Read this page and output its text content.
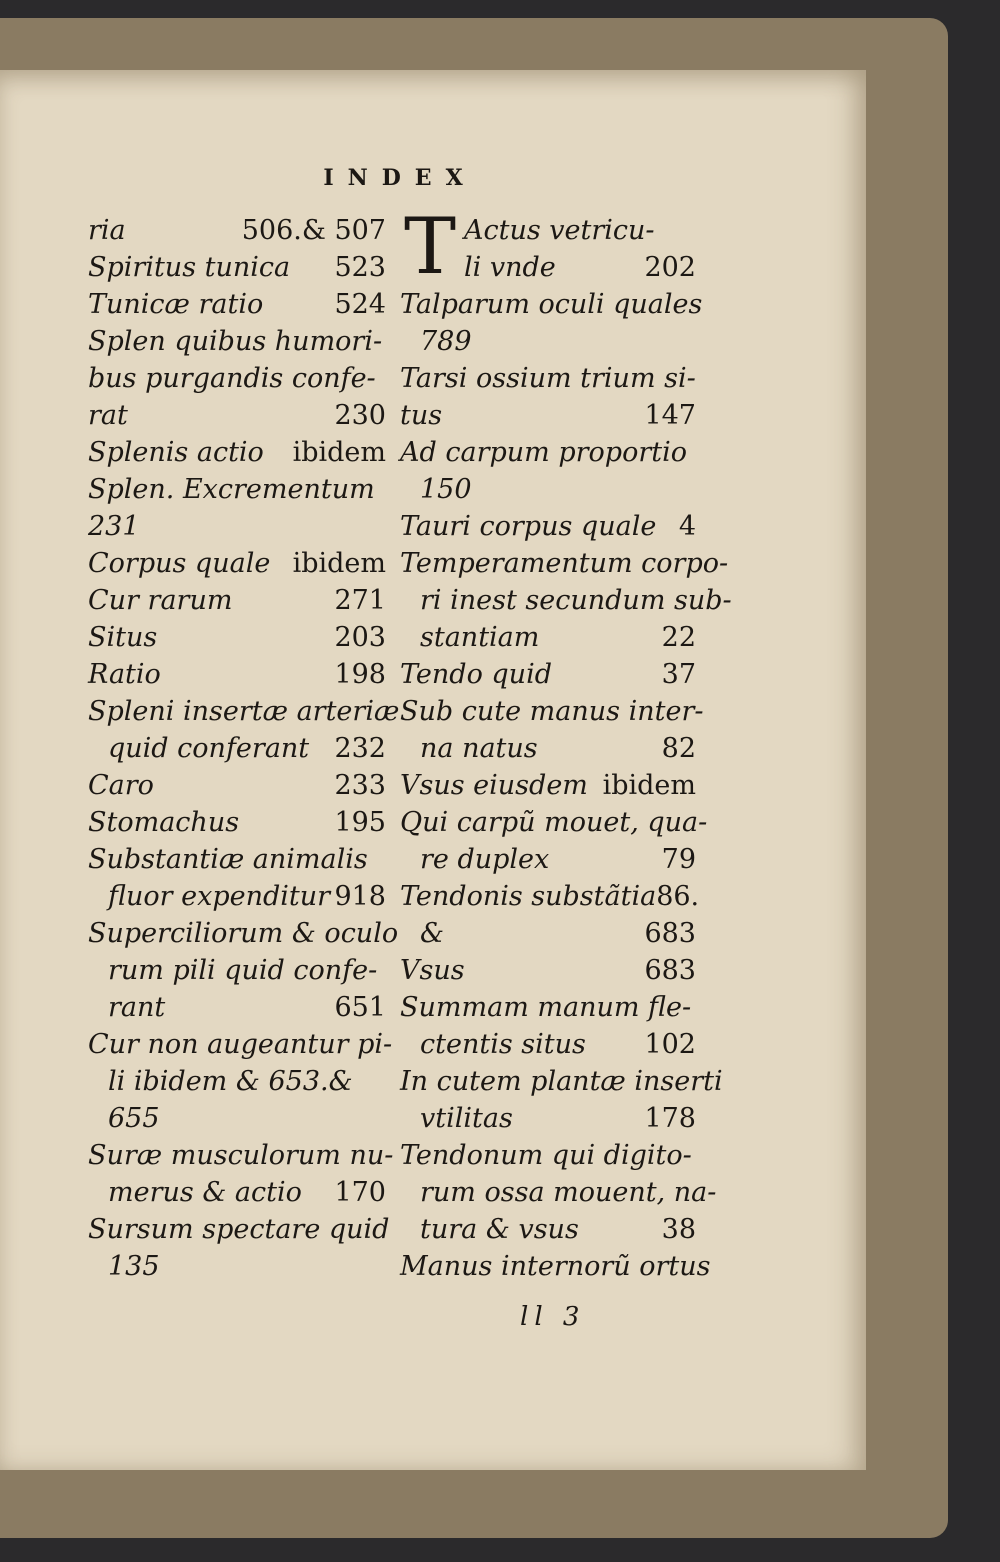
INDEX
T
ria	506.& 507
Spiritus tunica 523
Tunicæ ratio	524
Splen quibus humori-
bus purgandis confe-
rat	230
Splenis actio ibidem
Splen. Excrementum
231
Corpus quale ibidem
Cur rarum	271
Situs	203
Ratio	198
Spleni insertæ arteriæ
quid conferant 232
Caro	233
Stomachus	195
Substantiæ animalis
fluor expenditur 918
Superciliorum & oculo
rum pili quid confe-
rant	651
Cur non augeantur pi-
li ibidem & 653.&
655
Suræ musculorum nu-
merus & actio 170
Sursum spectare quid
135
Actus vetricu-
li vnde	202
Talparum oculi quales
789
Tarsi ossium trium si-
tus	147
Ad carpum proportio
150
Tauri corpus quale 4
Temperamentum corpo-
ri inest secundum sub-
stantiam	22
Tendo quid	37
Sub cute manus inter-
na natus	82
Vsus eiusdem ibidem
Qui carpũ mouet, qua-
re duplex	79
Tendonis substãtia 86.
&	683
Vsus	683
Summam manum fle-
ctentis situs 102
In cutem plantæ inserti
vtilitas	178
Tendonum qui digito-
rum ossa mouent, na-
tura & vsus	38
Manus internorũ ortus
ll 3
